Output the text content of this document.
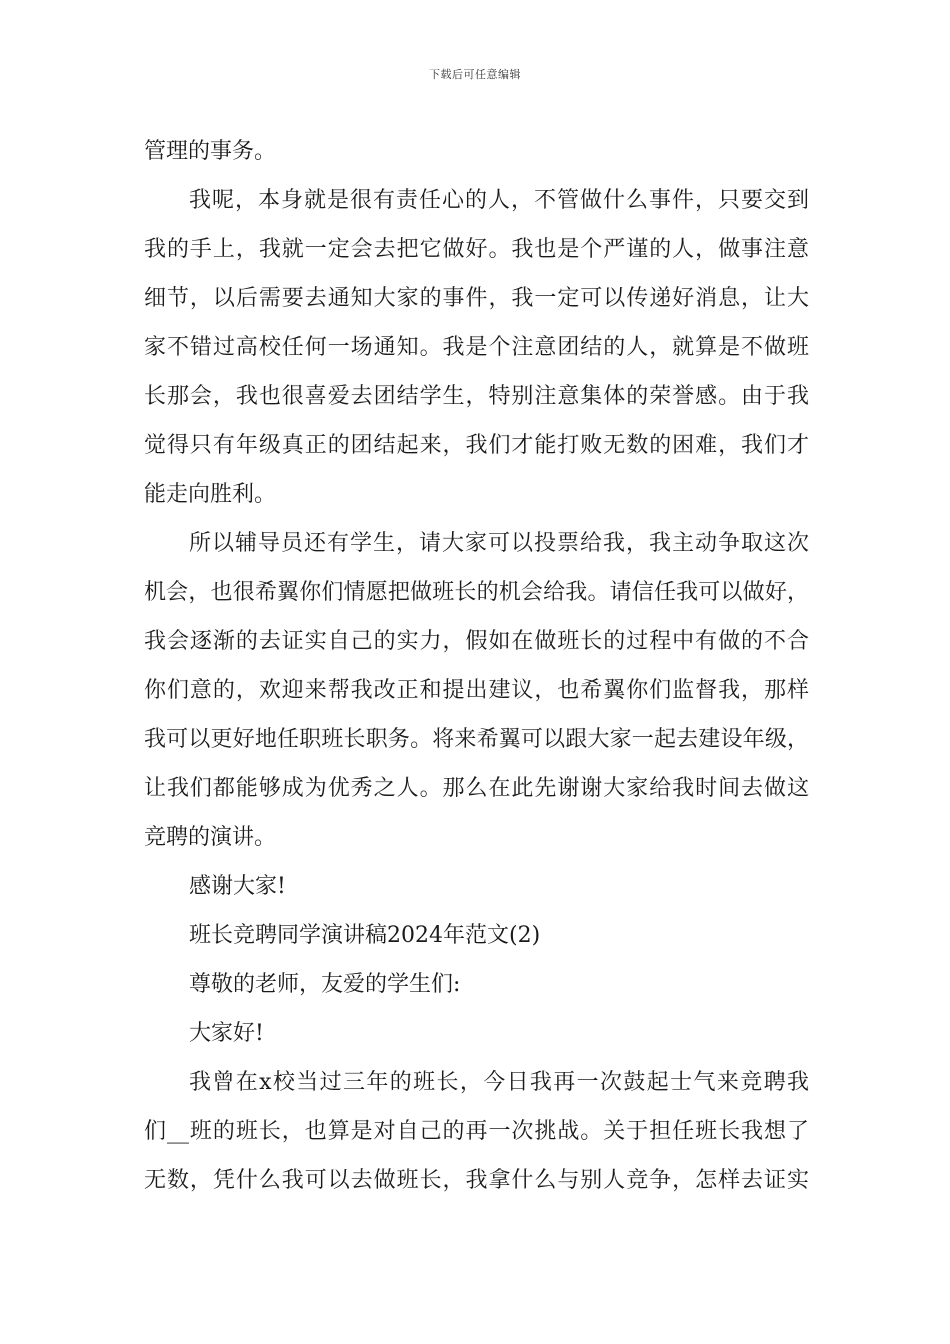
下载后可任意编辑

管理的事务。

我呢，本身就是很有责任心的人，不管做什么事件，只要交到
我的手上，我就一定会去把它做好。我也是个严谨的人，做事注意
细节，以后需要去通知大家的事件，我一定可以传递好消息，让大
家不错过高校任何一场通知。我是个注意团结的人，就算是不做班
长那会，我也很喜爱去团结学生，特别注意集体的荣誉感。由于我
觉得只有年级真正的团结起来，我们才能打败无数的困难，我们才
能走向胜利。

所以辅导员还有学生，请大家可以投票给我，我主动争取这次
机会，也很希翼你们情愿把做班长的机会给我。请信任我可以做好，
我会逐渐的去证实自己的实力，假如在做班长的过程中有做的不合
你们意的，欢迎来帮我改正和提出建议，也希翼你们监督我，那样
我可以更好地任职班长职务。将来希翼可以跟大家一起去建设年级，
让我们都能够成为优秀之人。那么在此先谢谢大家给我时间去做这
竞聘的演讲。

感谢大家!

班长竞聘同学演讲稿2024年范文(2)

尊敬的老师，友爱的学生们:

大家好!

我曾在x校当过三年的班长，今日我再一次鼓起士气来竞聘我
们__班的班长，也算是对自己的再一次挑战。关于担任班长我想了
无数，凭什么我可以去做班长，我拿什么与别人竞争，怎样去证实
